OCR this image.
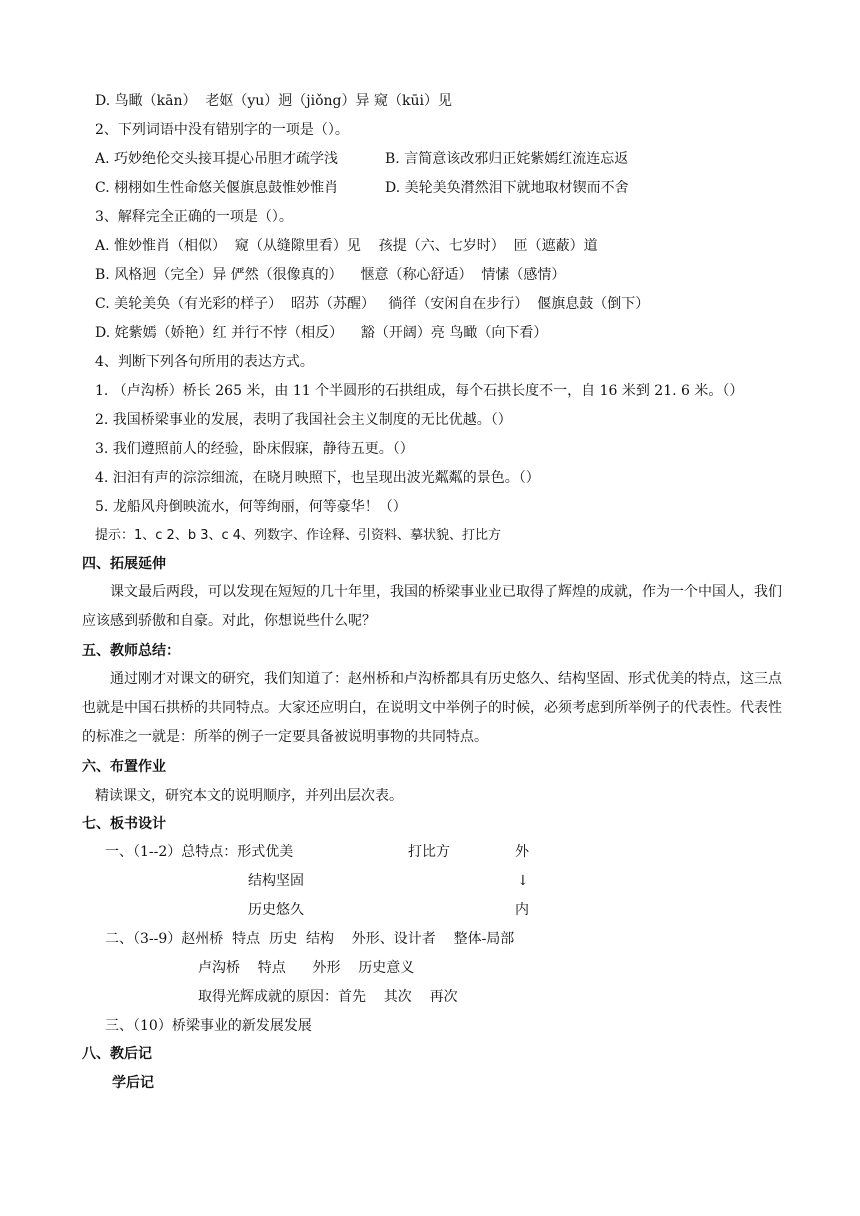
D. 鸟瞰（kān）  老妪（yu）迥（jiǒng）异 窥（kūi）见
2、下列词语中没有错别字的一项是（）。
A. 巧妙绝伦交头接耳提心吊胆才疏学浅	B. 言简意该改邪归正姹紫嫣红流连忘返
C. 栩栩如生性命悠关偃旗息鼓惟妙惟肖	D. 美轮美奂潸然泪下就地取材锲而不舍
3、解释完全正确的一项是（）。
A. 惟妙惟肖（相似）  窥（从缝隙里看）见    孩提（六、七岁时）  匝（遮蔽）道
B. 风格迥（完全）异 俨然（很像真的）    惬意（称心舒适）  情愫（感情）
C. 美轮美奂（有光彩的样子）  昭苏（苏醒）   徜徉（安闲自在步行）  偃旗息鼓（倒下）
D. 姹紫嫣（娇艳）红 并行不悖（相反）    豁（开阔）亮 鸟瞰（向下看）
4、判断下列各句所用的表达方式。
1. （卢沟桥）桥长 265 米，由 11 个半圆形的石拱组成，每个石拱长度不一，自 16 米到 21. 6 米。（）
2. 我国桥梁事业的发展，表明了我国社会主义制度的无比优越。（）
3. 我们遵照前人的经验，卧床假寐，静待五更。（）
4. 汩汩有声的淙淙细流，在晓月映照下，也呈现出波光粼粼的景色。（）
5. 龙船风舟倒映流水，何等绚丽，何等豪华！（）
提示：1、c 2、b 3、c 4、列数字、作诠释、引资料、摹状貌、打比方
四、拓展延伸
课文最后两段，可以发现在短短的几十年里，我国的桥梁事业业已取得了辉煌的成就，作为一个中国人，我们应该感到骄傲和自豪。对此，你想说些什么呢？
五、教师总结：
通过刚才对课文的研究，我们知道了：赵州桥和卢沟桥都具有历史悠久、结构坚固、形式优美的特点，这三点也就是中国石拱桥的共同特点。大家还应明白，在说明文中举例子的时候，必须考虑到所举例子的代表性。代表性的标准之一就是：所举的例子一定要具备被说明事物的共同特点。
六、布置作业
精读课文，研究本文的说明顺序，并列出层次表。
七、板书设计
一、（1--2）总特点：形式优美	打比方	外
结构坚固	↓
历史悠久	内
二、（3--9）赵州桥  特点  历史  结构    外形、设计者    整体-局部
卢沟桥    特点      外形    历史意义
取得光辉成就的原因：首先    其次    再次
三、（10）桥梁事业的新发展发展
八、教后记
学后记
